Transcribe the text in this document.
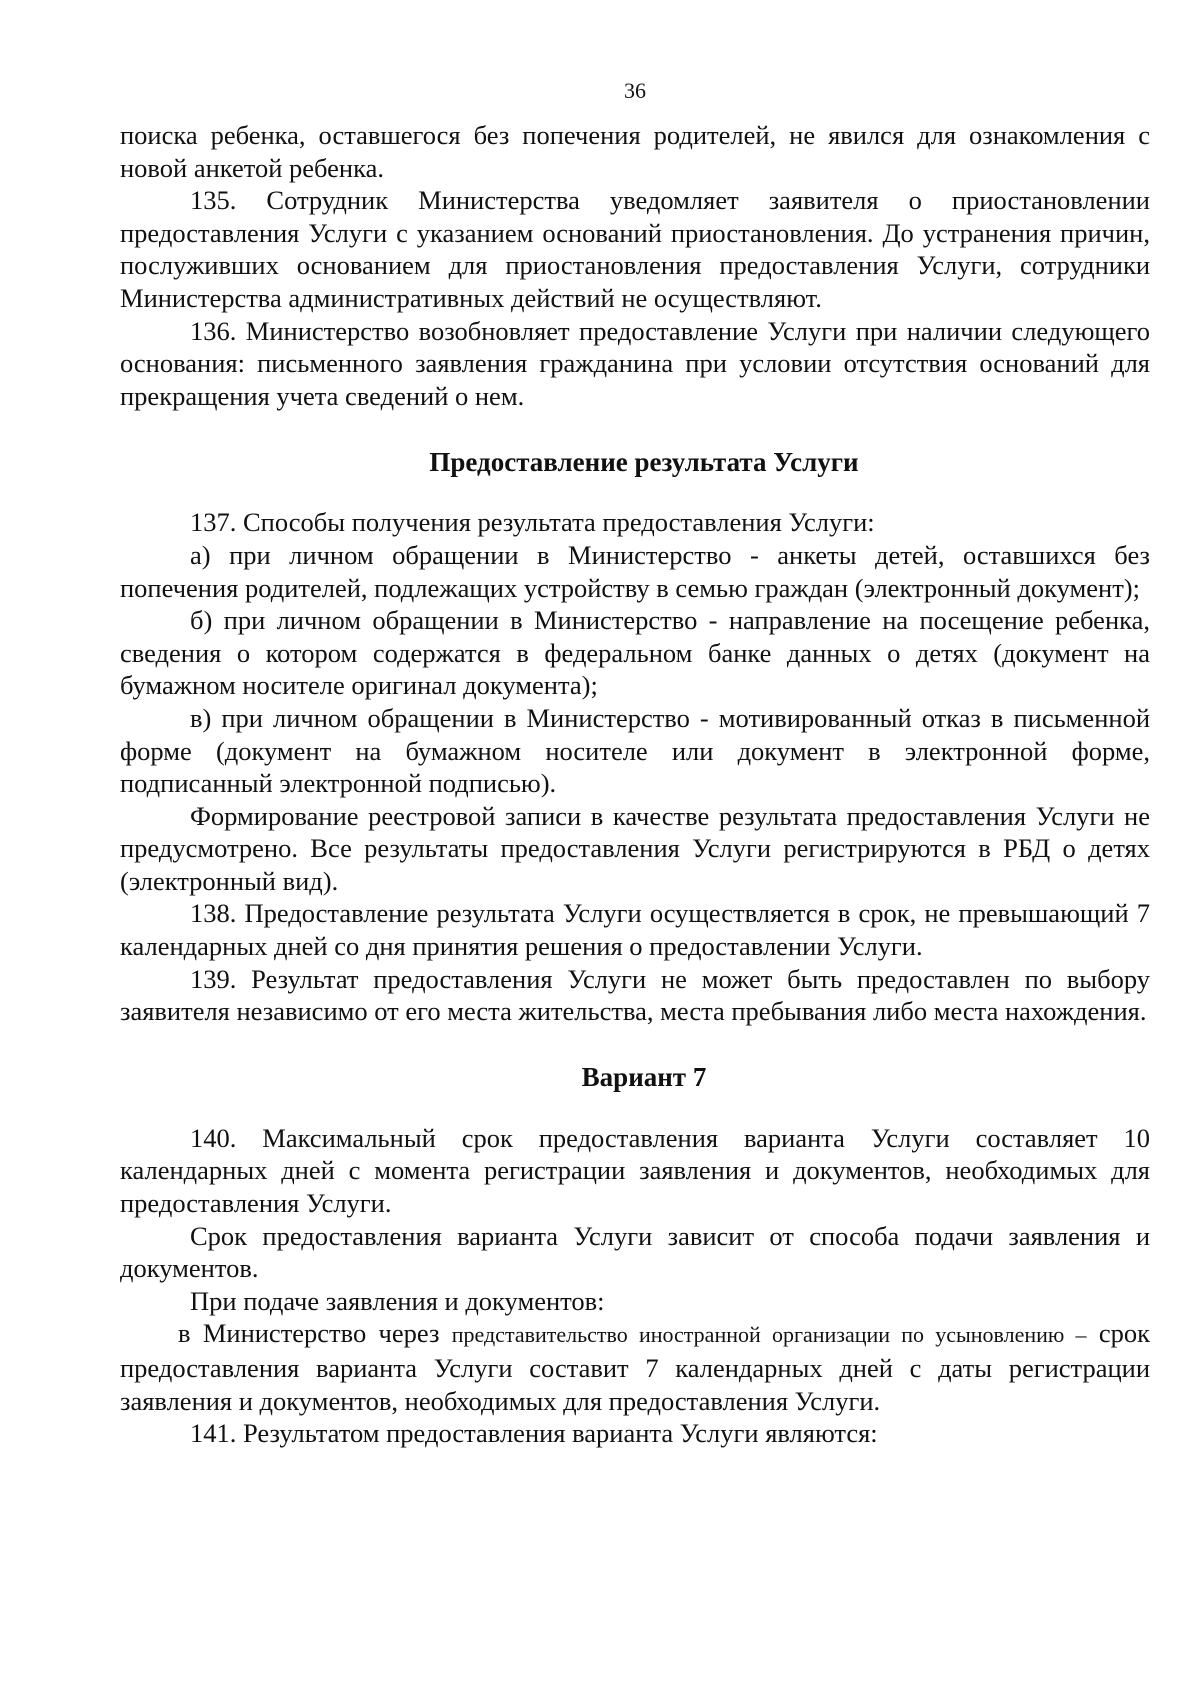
36

поиска ребенка, оставшегося без попечения родителей, не явился для ознакомления с новой анкетой ребенка.

135. Сотрудник Министерства уведомляет заявителя о приостановлении предоставления Услуги с указанием оснований приостановления. До устранения причин, послуживших основанием для приостановления предоставления Услуги, сотрудники Министерства административных действий не осуществляют.

136. Министерство возобновляет предоставление Услуги при наличии следующего основания: письменного заявления гражданина при условии отсутствия оснований для прекращения учета сведений о нем.

Предоставление результата Услуги

137. Способы получения результата предоставления Услуги:

а) при личном обращении в Министерство - анкеты детей, оставшихся без попечения родителей, подлежащих устройству в семью граждан (электронный документ);

б) при личном обращении в Министерство - направление на посещение ребенка, сведения о котором содержатся в федеральном банке данных о детях (документ на бумажном носителе оригинал документа);

в) при личном обращении в Министерство - мотивированный отказ в письменной форме (документ на бумажном носителе или документ в электронной форме, подписанный электронной подписью).

Формирование реестровой записи в качестве результата предоставления Услуги не предусмотрено. Все результаты предоставления Услуги регистрируются в РБД о детях (электронный вид).

138. Предоставление результата Услуги осуществляется в срок, не превышающий 7 календарных дней со дня принятия решения о предоставлении Услуги.

139. Результат предоставления Услуги не может быть предоставлен по выбору заявителя независимо от его места жительства, места пребывания либо места нахождения.

Вариант 7

140. Максимальный срок предоставления варианта Услуги составляет 10 календарных дней с момента регистрации заявления и документов, необходимых для предоставления Услуги.

Срок предоставления варианта Услуги зависит от способа подачи заявления и документов.

При подаче заявления и документов:

в Министерство через представительство иностранной организации по усыновлению – срок предоставления варианта Услуги составит 7 календарных дней с даты регистрации заявления и документов, необходимых для предоставления Услуги.

141. Результатом предоставления варианта Услуги являются:
